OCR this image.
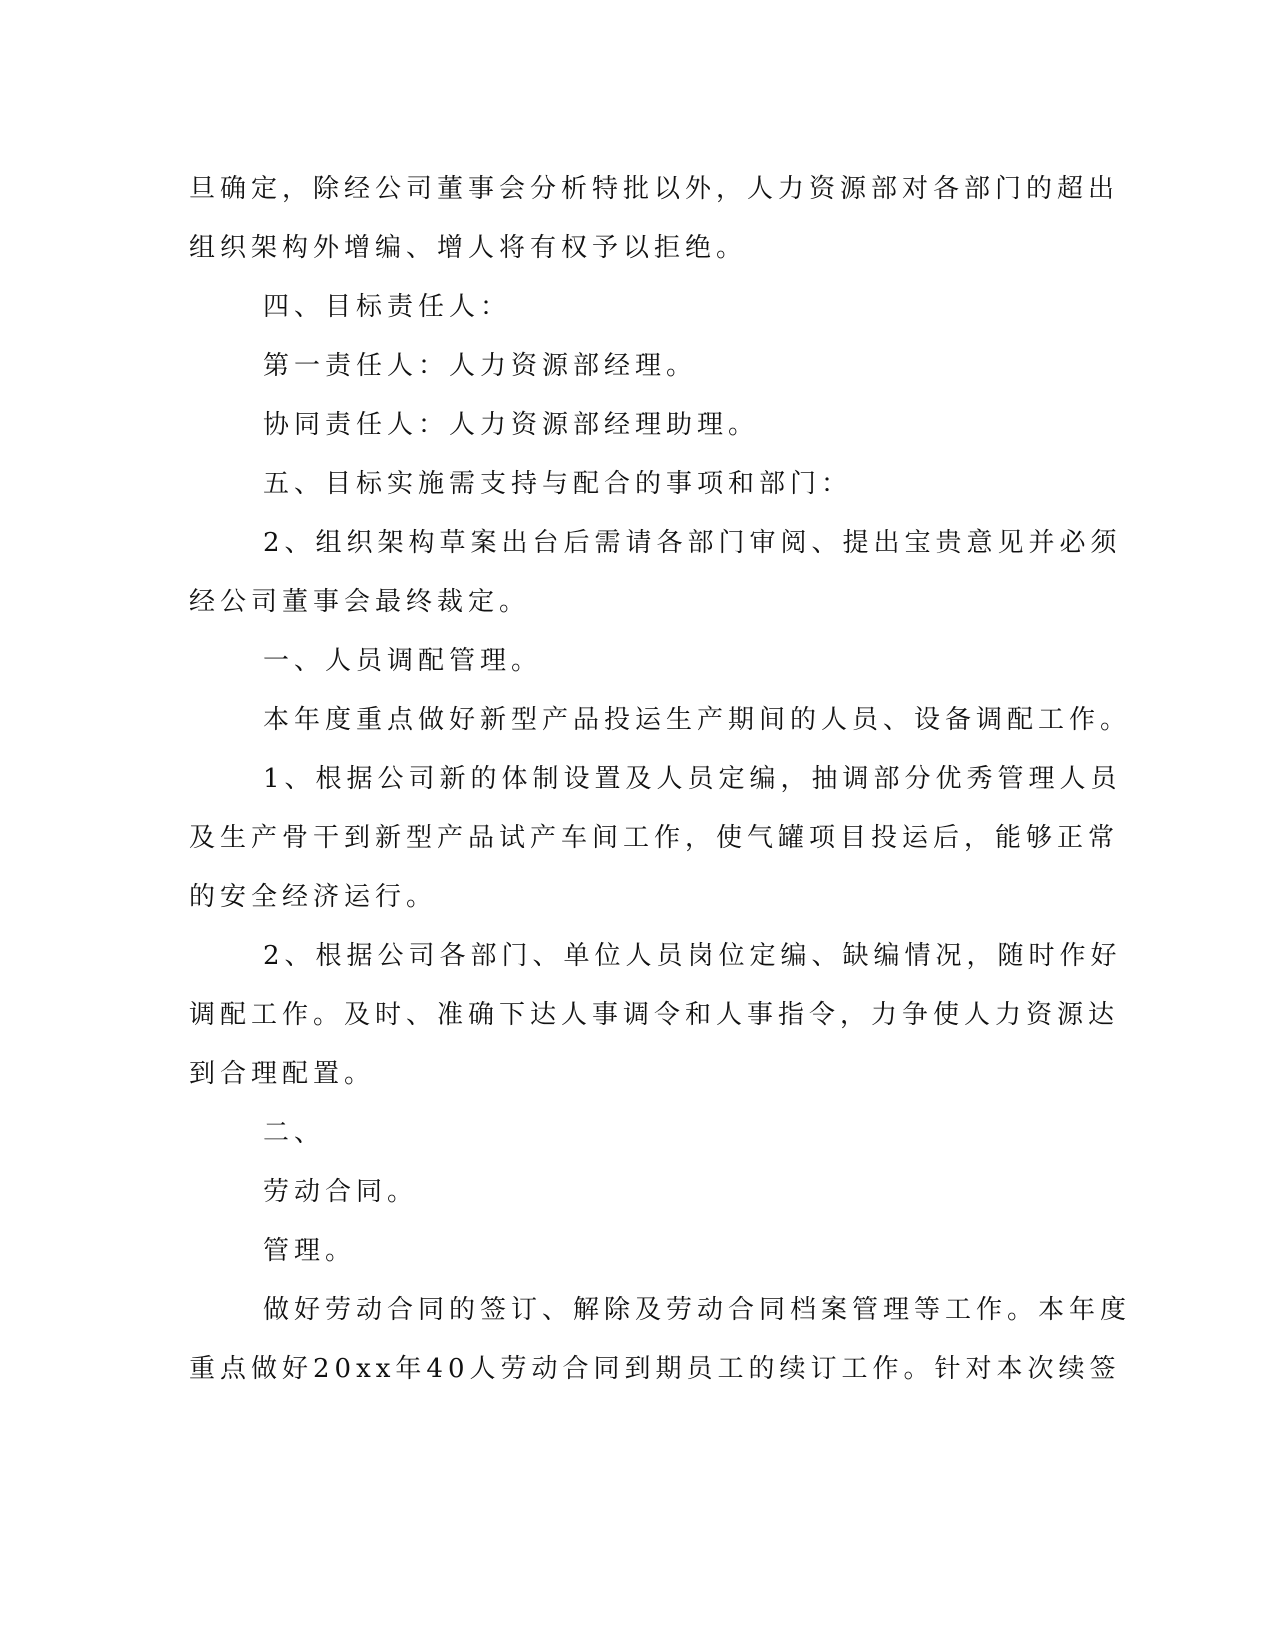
旦确定，除经公司董事会分析特批以外，人力资源部对各部门的超出
组织架构外增编、增人将有权予以拒绝。
四、目标责任人：
第一责任人：人力资源部经理。
协同责任人：人力资源部经理助理。
五、目标实施需支持与配合的事项和部门：
2、组织架构草案出台后需请各部门审阅、提出宝贵意见并必须
经公司董事会最终裁定。
一、人员调配管理。
本年度重点做好新型产品投运生产期间的人员、设备调配工作。
1、根据公司新的体制设置及人员定编，抽调部分优秀管理人员
及生产骨干到新型产品试产车间工作，使气罐项目投运后，能够正常
的安全经济运行。
2、根据公司各部门、单位人员岗位定编、缺编情况，随时作好
调配工作。及时、准确下达人事调令和人事指令，力争使人力资源达
到合理配置。
二、
劳动合同。
管理。
做好劳动合同的签订、解除及劳动合同档案管理等工作。本年度
重点做好20xx年40人劳动合同到期员工的续订工作。针对本次续签
